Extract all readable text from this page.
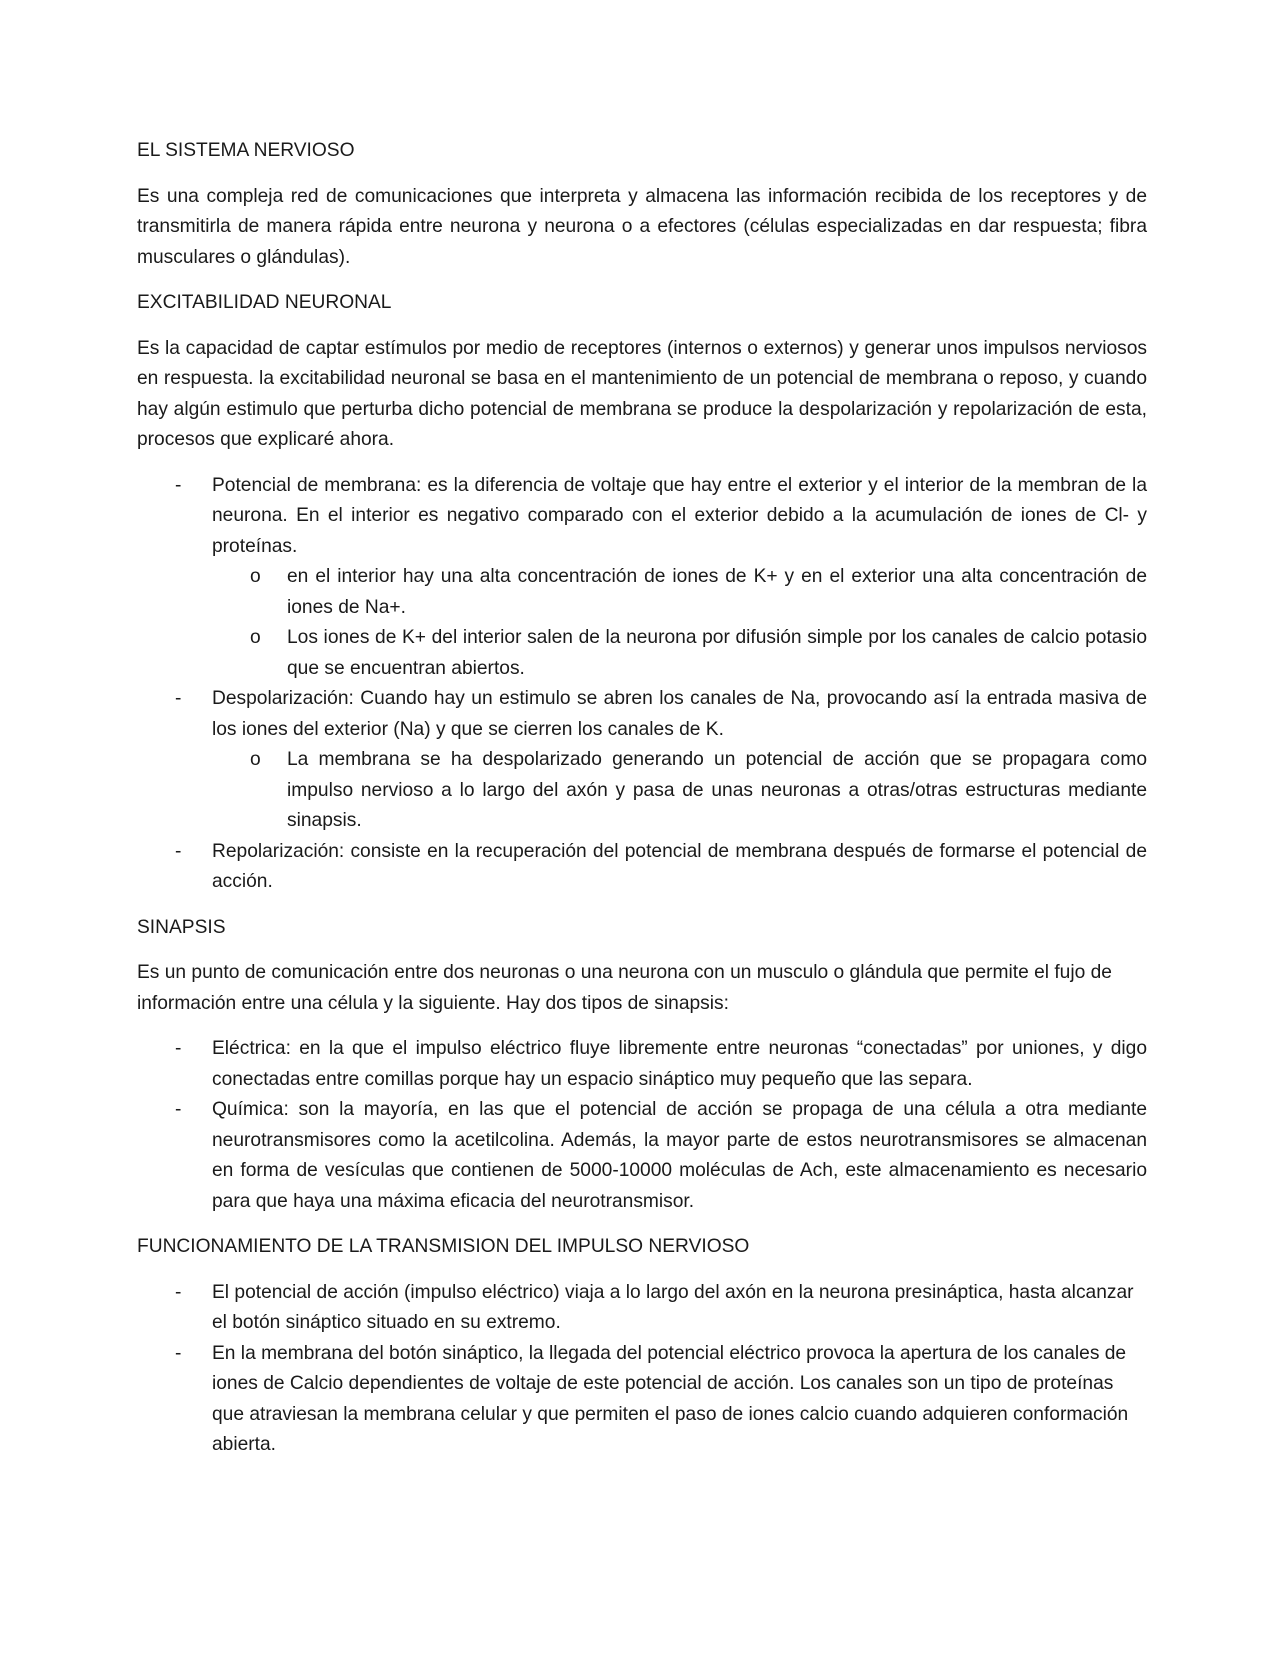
EL SISTEMA NERVIOSO

Es una compleja red de comunicaciones que interpreta y almacena las información recibida de los receptores y de transmitirla de manera rápida entre neurona y neurona o a efectores (células especializadas en dar respuesta; fibra musculares o glándulas).

EXCITABILIDAD NEURONAL

Es la capacidad de captar estímulos por medio de receptores (internos o externos) y generar unos impulsos nerviosos en respuesta. la excitabilidad neuronal se basa en el mantenimiento de un potencial de membrana o reposo, y cuando hay algún estimulo que perturba dicho potencial de membrana se produce la despolarización y repolarización de esta, procesos que explicaré ahora.

- Potencial de membrana: es la diferencia de voltaje que hay entre el exterior y el interior de la membran de la neurona. En el interior es negativo comparado con el exterior debido a la acumulación de iones de Cl- y proteínas.
o en el interior hay una alta concentración de iones de K+ y en el exterior una alta concentración de iones de Na+.
o Los iones de K+ del interior salen de la neurona por difusión simple por los canales de calcio potasio que se encuentran abiertos.
- Despolarización: Cuando hay un estimulo se abren los canales de Na, provocando así la entrada masiva de los iones del exterior (Na) y que se cierren los canales de K.
o La membrana se ha despolarizado generando un potencial de acción que se propagara como impulso nervioso a lo largo del axón y pasa de unas neuronas a otras/otras estructuras mediante sinapsis.
- Repolarización: consiste en la recuperación del potencial de membrana después de formarse el potencial de acción.
SINAPSIS

Es un punto de comunicación entre dos neuronas o una neurona con un musculo o glándula que permite el fujo de información entre una célula y la siguiente. Hay dos tipos de sinapsis:

- Eléctrica: en la que el impulso eléctrico fluye libremente entre neuronas “conectadas” por uniones, y digo conectadas entre comillas porque hay un espacio sináptico muy pequeño que las separa.
- Química: son la mayoría, en las que el potencial de acción se propaga de una célula a otra mediante neurotransmisores como la acetilcolina. Además, la mayor parte de estos neurotransmisores se almacenan en forma de vesículas que contienen de 5000-10000 moléculas de Ach, este almacenamiento es necesario para que haya una máxima eficacia del neurotransmisor.
FUNCIONAMIENTO DE LA TRANSMISION DEL IMPULSO NERVIOSO
- El potencial de acción (impulso eléctrico) viaja a lo largo del axón en la neurona presináptica, hasta alcanzar el botón sináptico situado en su extremo.
- En la membrana del botón sináptico, la llegada del potencial eléctrico provoca la apertura de los canales de iones de Calcio dependientes de voltaje de este potencial de acción. Los canales son un tipo de proteínas que atraviesan la membrana celular y que permiten el paso de iones calcio cuando adquieren conformación abierta.
